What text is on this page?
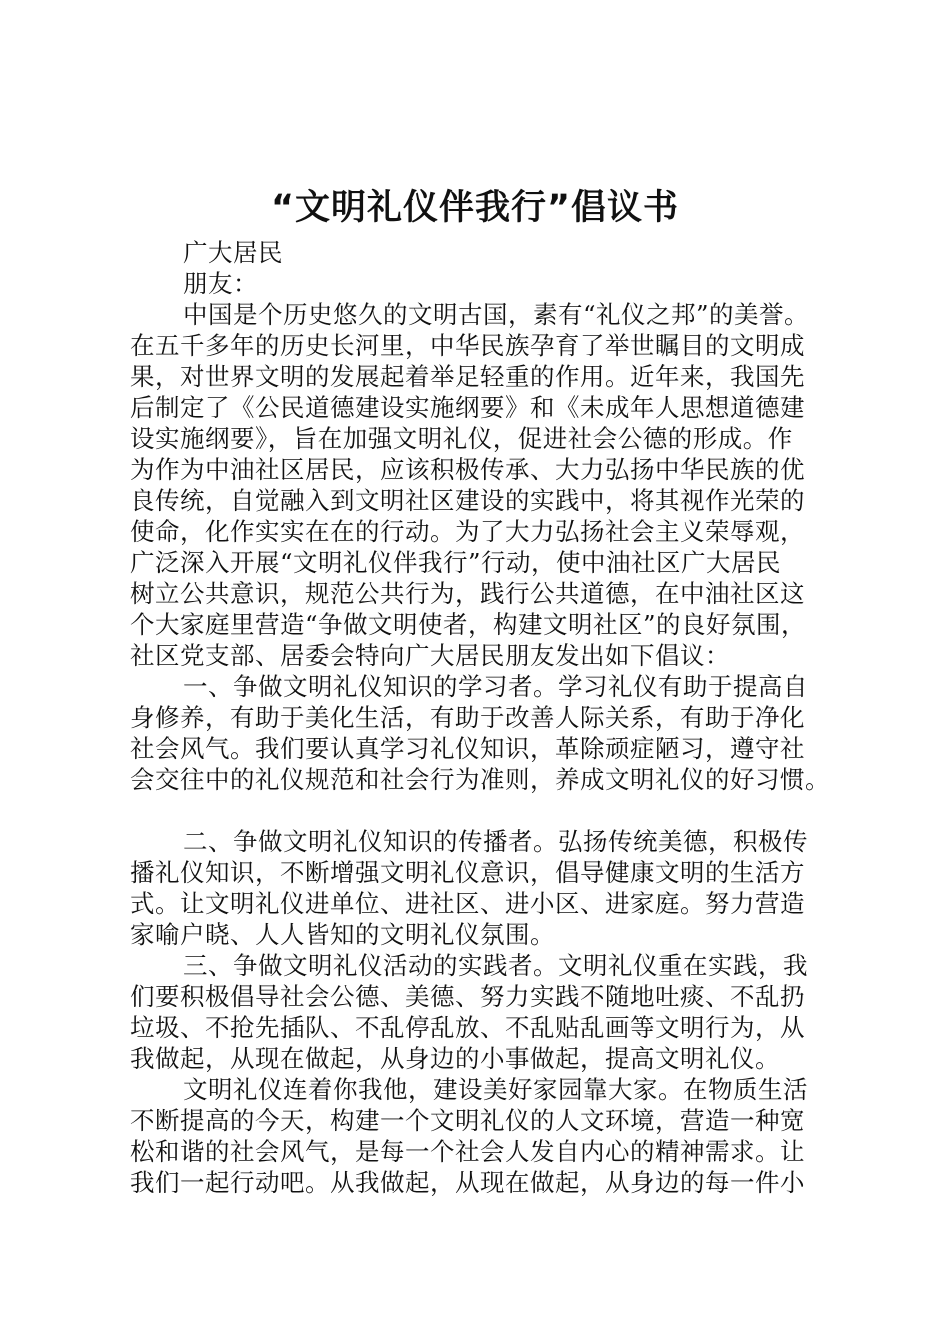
“文明礼仪伴我行”倡议书
广大居民
朋友：
中国是个历史悠久的文明古国，素有“礼仪之邦”的美誉。
在五千多年的历史长河里，中华民族孕育了举世瞩目的文明成
果，对世界文明的发展起着举足轻重的作用。近年来，我国先
后制定了《公民道德建设实施纲要》和《未成年人思想道德建
设实施纲要》，旨在加强文明礼仪，促进社会公德的形成。作
为作为中油社区居民，应该积极传承、大力弘扬中华民族的优
良传统，自觉融入到文明社区建设的实践中，将其视作光荣的
使命，化作实实在在的行动。为了大力弘扬社会主义荣辱观，
广泛深入开展“文明礼仪伴我行”行动，使中油社区广大居民
树立公共意识，规范公共行为，践行公共道德，在中油社区这
个大家庭里营造“争做文明使者，构建文明社区”的良好氛围，
社区党支部、居委会特向广大居民朋友发出如下倡议：
一、争做文明礼仪知识的学习者。学习礼仪有助于提高自
身修养，有助于美化生活，有助于改善人际关系，有助于净化
社会风气。我们要认真学习礼仪知识，革除顽症陋习，遵守社
会交往中的礼仪规范和社会行为准则，养成文明礼仪的好习惯。
二、争做文明礼仪知识的传播者。弘扬传统美德，积极传
播礼仪知识，不断增强文明礼仪意识，倡导健康文明的生活方
式。让文明礼仪进单位、进社区、进小区、进家庭。努力营造
家喻户晓、人人皆知的文明礼仪氛围。
三、争做文明礼仪活动的实践者。文明礼仪重在实践，我
们要积极倡导社会公德、美德、努力实践不随地吐痰、不乱扔
垃圾、不抢先插队、不乱停乱放、不乱贴乱画等文明行为，从
我做起，从现在做起，从身边的小事做起，提高文明礼仪。
文明礼仪连着你我他，建设美好家园靠大家。在物质生活
不断提高的今天，构建一个文明礼仪的人文环境，营造一种宽
松和谐的社会风气，是每一个社会人发自内心的精神需求。让
我们一起行动吧。从我做起，从现在做起，从身边的每一件小
